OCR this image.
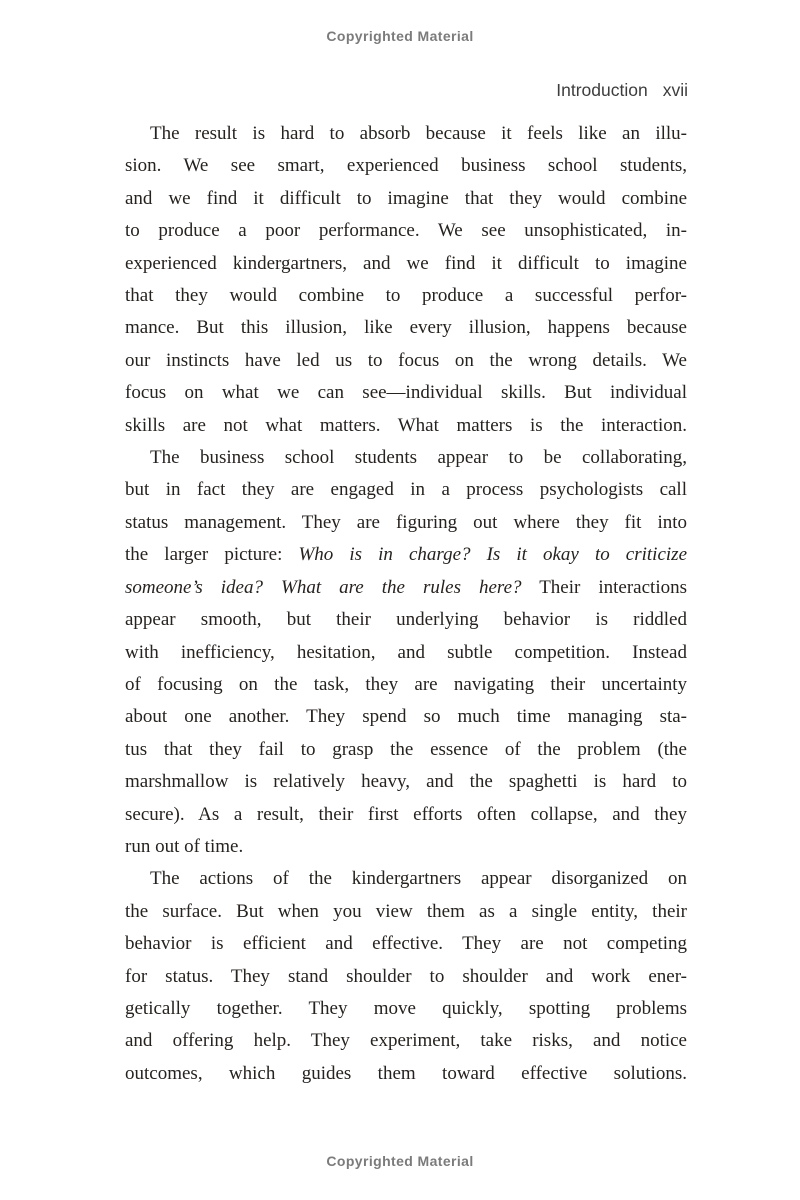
Copyrighted Material
Introduction xvii
The result is hard to absorb because it feels like an illu-
sion. We see smart, experienced business school students,
and we find it difficult to imagine that they would combine
to produce a poor performance. We see unsophisticated, in-
experienced kindergartners, and we find it difficult to imagine
that they would combine to produce a successful perfor-
mance. But this illusion, like every illusion, happens because
our instincts have led us to focus on the wrong details. We
focus on what we can see—individual skills. But individual
skills are not what matters. What matters is the interaction.
The business school students appear to be collaborating,
but in fact they are engaged in a process psychologists call
status management. They are figuring out where they fit into
the larger picture: Who is in charge? Is it okay to criticize
someone’s idea? What are the rules here? Their interactions
appear smooth, but their underlying behavior is riddled
with inefficiency, hesitation, and subtle competition. Instead
of focusing on the task, they are navigating their uncertainty
about one another. They spend so much time managing sta-
tus that they fail to grasp the essence of the problem (the
marshmallow is relatively heavy, and the spaghetti is hard to
secure). As a result, their first efforts often collapse, and they
run out of time.
The actions of the kindergartners appear disorganized on
the surface. But when you view them as a single entity, their
behavior is efficient and effective. They are not competing
for status. They stand shoulder to shoulder and work ener-
getically together. They move quickly, spotting problems
and offering help. They experiment, take risks, and notice
outcomes, which guides them toward effective solutions.
Copyrighted Material
